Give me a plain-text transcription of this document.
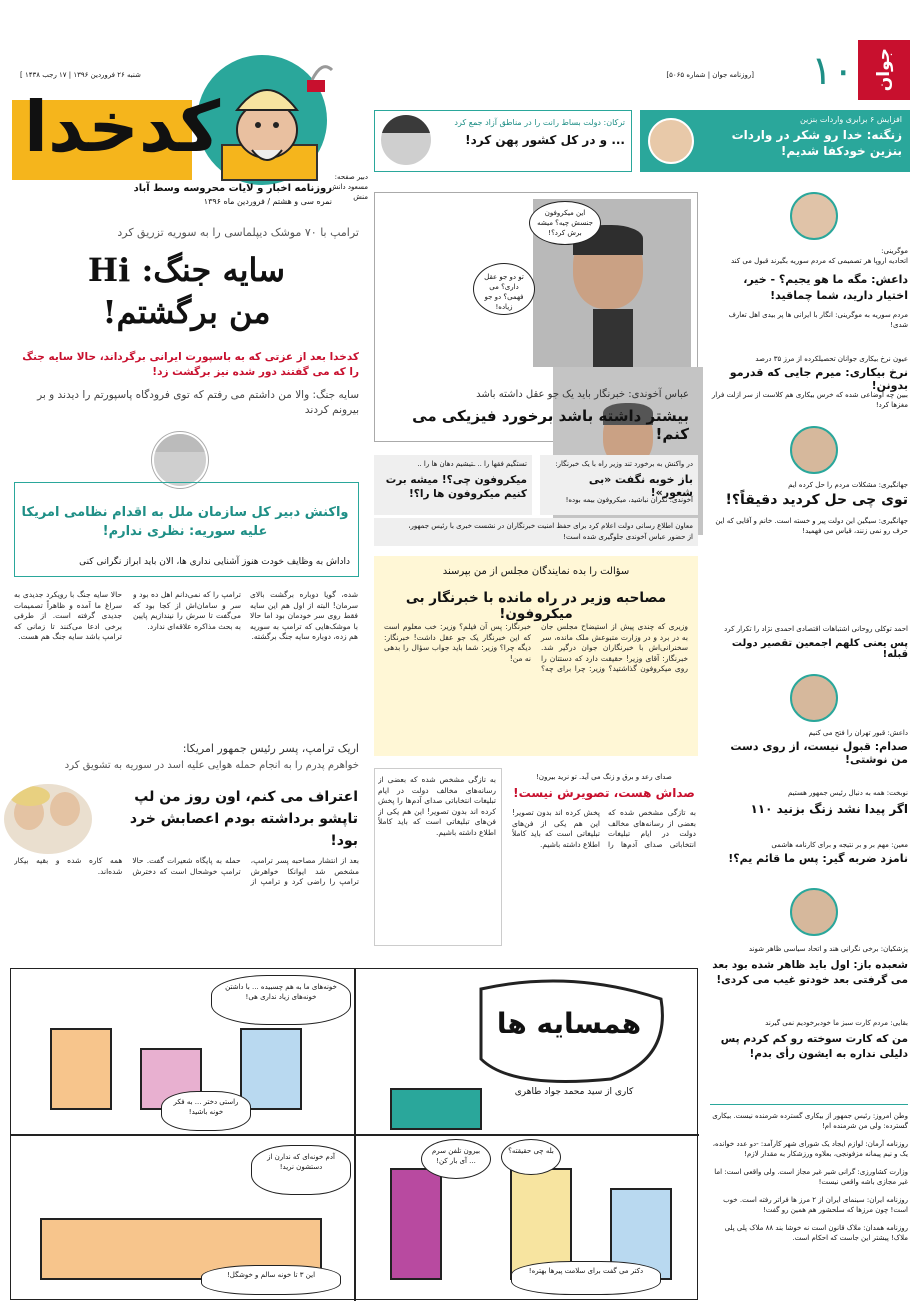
شنبه ۲۶ فروردین ۱۳۹۶ | ۱۷ رجب ۱۴۳۸ ]	[روزنامه جوان | شماره ۵۰۶۵]	جوان
۱۰
کدخدا
روزنامه اخبار و لایات محروسه وسط آباد
نمره سی و هشتم / فروردین ماه ۱۳۹۶
دبیر صفحه:
مسعود دانش منش
افزایش ۶ برابری واردات بنزین
زنگنه: خدا رو شکر در واردات بنزین خودکفا شدیم!
ترکان: دولت بساط رانت را در مناطق آزاد جمع کرد
... و در کل کشور پهن کرد!
این میکروفون جنسش چیه؟ میشه برش کرد؟!
تو دو جو عقل داری؟ می فهمی؟ دو جو زیاده!
عباس آخوندی: خبرنگار باید یک جو عقل داشته باشد
بیشتر داشته باشد برخورد فیزیکی می کنم!
ترامپ با ۷۰ موشک دیپلماسی را به سوریه تزریق کرد
سایه جنگ: Hi
من برگشتم!
کدخدا بعد از عزتی که به باسپورت ایرانی برگرداند، حالا سایه جنگ را که می گفتند دور شده نیز برگشت زد!
سایه جنگ: والا من داشتم می رفتم که توی فرودگاه پاسپورتم را دیدند و بر بیرونم کردند
واکنش دبیر کل سازمان ملل به اقدام نظامی امریکا علیه سوریه: نظری ندارم!
داداش به وظایف خودت هنوز آشنایی نداری ها، الان باید ابراز نگرانی کنی
شده، گویا دوباره برگشت بالای سرمان! البته از اول هم این سایه فقط روی سر خودمان بود اما حالا با موشک‌هایی که ترامپ به سوریه هم زده، دوباره سایه جنگ برگشته.
ترامپ را که نمی‌دانم اهل ده بود و سر و سامان‌اش از کجا بود که می‌گفت تا سرش را نیندازیم پایین به بحث مذاکره علاقه‌ای ندارد.
حالا سایه جنگ با رویکرد جدیدی به سراغ ما آمده و ظاهراً تصمیمات جدیدی گرفته است. از طرفی برخی ادعا می‌کنند تا زمانی که ترامپ باشد سایه جنگ هم هست.
در واکنش به برخورد تند وزیر راه با یک خبرنگار:
باز خوبه نگفت «بی شعور»!
آخوندی: نگران نباشید، میکروفون بیمه بوده!
تستگیم فقها را .. ـتیشیم دهان ها را ..
میکروفون چی؟! میشه برت کنیم میکروفون ها را؟!
معاون اطلاع رسانی دولت اعلام کرد برای حفظ امنیت خبرنگاران در نشست خبری با رئیس جمهور،
از حضور عباس آخوندی جلوگیری شده است!
سؤالت را بده نمایندگان مجلس از من بپرسند
مصاحبه وزیر در راه مانده با خبرنگار بی میکروفون!
وزیری که چندی پیش از استیضاح مجلس جان به در برد و در وزارت متبوعش ملک مانده، سر سخنرانی‌اش با خبرنگاران جوان درگیر شد. خبرنگار: آقای وزیر! حقیقت دارد که دستتان را روی میکروفون گذاشتید؟ وزیر: چرا برای چه؟ خبرنگار: پس آن فیلم؟ وزیر: خب معلوم است که این خبرنگار یک جو عقل داشت! خبرنگار: دیگه چرا؟ وزیر: شما باید جواب سؤال را بدهی نه من!
اریک ترامپ، پسر رئیس جمهور امریکا:
خواهرم پدرم را به انجام حمله هوایی علیه اسد در سوریه به تشویق کرد
اعتراف می کنم، اون روز من لپ تاپشو برداشته بودم اعصابش خرد بود!
بعد از انتشار مصاحبه پسر ترامپ، مشخص شد ایوانکا خواهرش ترامپ را راضی کرد و ترامپ از حمله به پایگاه شعیرات گفت. حالا ترامپ خوشحال است که دخترش همه کاره شده و بقیه بیکار شده‌اند.
صدای رعد و برق و زنگ می آید. تو نرید بیرون!
صداش هست، تصویرش نیست!
به تازگی مشخص شده که بعضی از رسانه‌های مخالف دولت در ایام تبلیغات انتخاباتی صدای آدم‌ها را پخش کرده اند بدون تصویر! این هم یکی از فن‌های تبلیغاتی است که باید کاملاً اطلاع داشته باشیم.
به تازگی مشخص شده که بعضی از رسانه‌های مخالف دولت در ایام تبلیغات انتخاباتی صدای آدم‌ها را پخش کرده اند بدون تصویر! این هم یکی از فن‌های تبلیغاتی است که باید کاملاً اطلاع داشته باشیم.
موگرینی:
اتحادیه اروپا هر تصمیمی که مردم سوریه بگیرند قبول می کند
داعش: مگه ما هو یجیم؟ - خیر، اختیار دارید، شما چماقید!
مردم سوریه به موگرینی: انگار با ایرانی ها پر بیدی اهل تعارف شدی!
عیون نرخ بیکاری جوانان تحصیلکرده از مرز ۳۵ درصد
نرخ بیکاری: میرم جایی که قدرمو بدونن!
ببین چه اوضاعی شده که خرس بیکاری هم کلاست از سر ازلت فرار مغزها کرد!
جهانگیری: مشکلات مردم را حل کرده ایم
توی چی حل کردید دقیقاً؟!
جهانگیری: سیگین این دولت پیر و خسته است. خانم و آقایی که این حرف رو نمی زنند، قیاس می فهمید!
احمد توکلی روحانی اشتباهات اقتصادی احمدی نژاد را تکرار کرد
پس یعنی کلهم اجمعین تقصیر دولت قبله!
داعش: قبور تهران را فتح می کنیم
صدام: قبول نیست، از روی دست من نوشتی!
نوبخت: همه به دنبال رئیس جمهور هستیم
اگر پیدا نشد زنگ بزنید ۱۱۰
معین: مهم بر و بر نتیجه و برای کارنامه هاشمی
نامزد ضربه گیر: پس ما قائم یم؟!
پزشکیان: برخی نگرانی هند و اتحاد سیاسی ظاهر شوند
شعبده باز: اول باید ظاهر شده بود بعد می گرفتی بعد خودتو غیب می کردی!
بقایی: مردم کارت سبز ما خودبرخودیم نمی گیرند
من که کارت سوخته رو کم کردم پس دلیلی نداره به ایشون رأی بدم!
وطن امروز: رئیس جمهور از بیکاری گسترده شرمنده نیست. بیکاری گسترده: ولی من شرمنده ام!
روزنامه آرمان: لوازم ایجاد یک شورای شهر کارآمد: -دو عدد خوانده، یک و نیم پیمانه مزفونجی، بعلاوه ورزشکار به مقدار لازم!
وزارت کشاورزی: گرانی شیر غیر مجاز است. ولی واقعی است: اما غیر مجازی باشه واقعی نیست!
روزنامه ایران: سینمای ایران از ۲ مرز ها فراتر رفته است. خوب است! چون مرزها که سلحشور هم همین رو گفت!
روزنامه همدان: ملاک قانون است نه خوشا بند ۸۸ ملاک پلی پلی ملاک! پیشتر این جاست که احکام است.
همسایه ها
کاری از سید محمد جواد طاهری
خونه‌های ما به هم چسبیده ... با داشتن خونه‌های زیاد نداری هی!
راستی دختر ... به فکر خونه باشید!
بله چی حقیقته؟
آدم خونه‌ای که ندارن از دستشون نرید!
بیرون تلفن سرم ... آی بار کن!
این ۳ تا خونه سالم و خوشگل!	دکتر می گفت برای سلامت پیرها بهتره!
